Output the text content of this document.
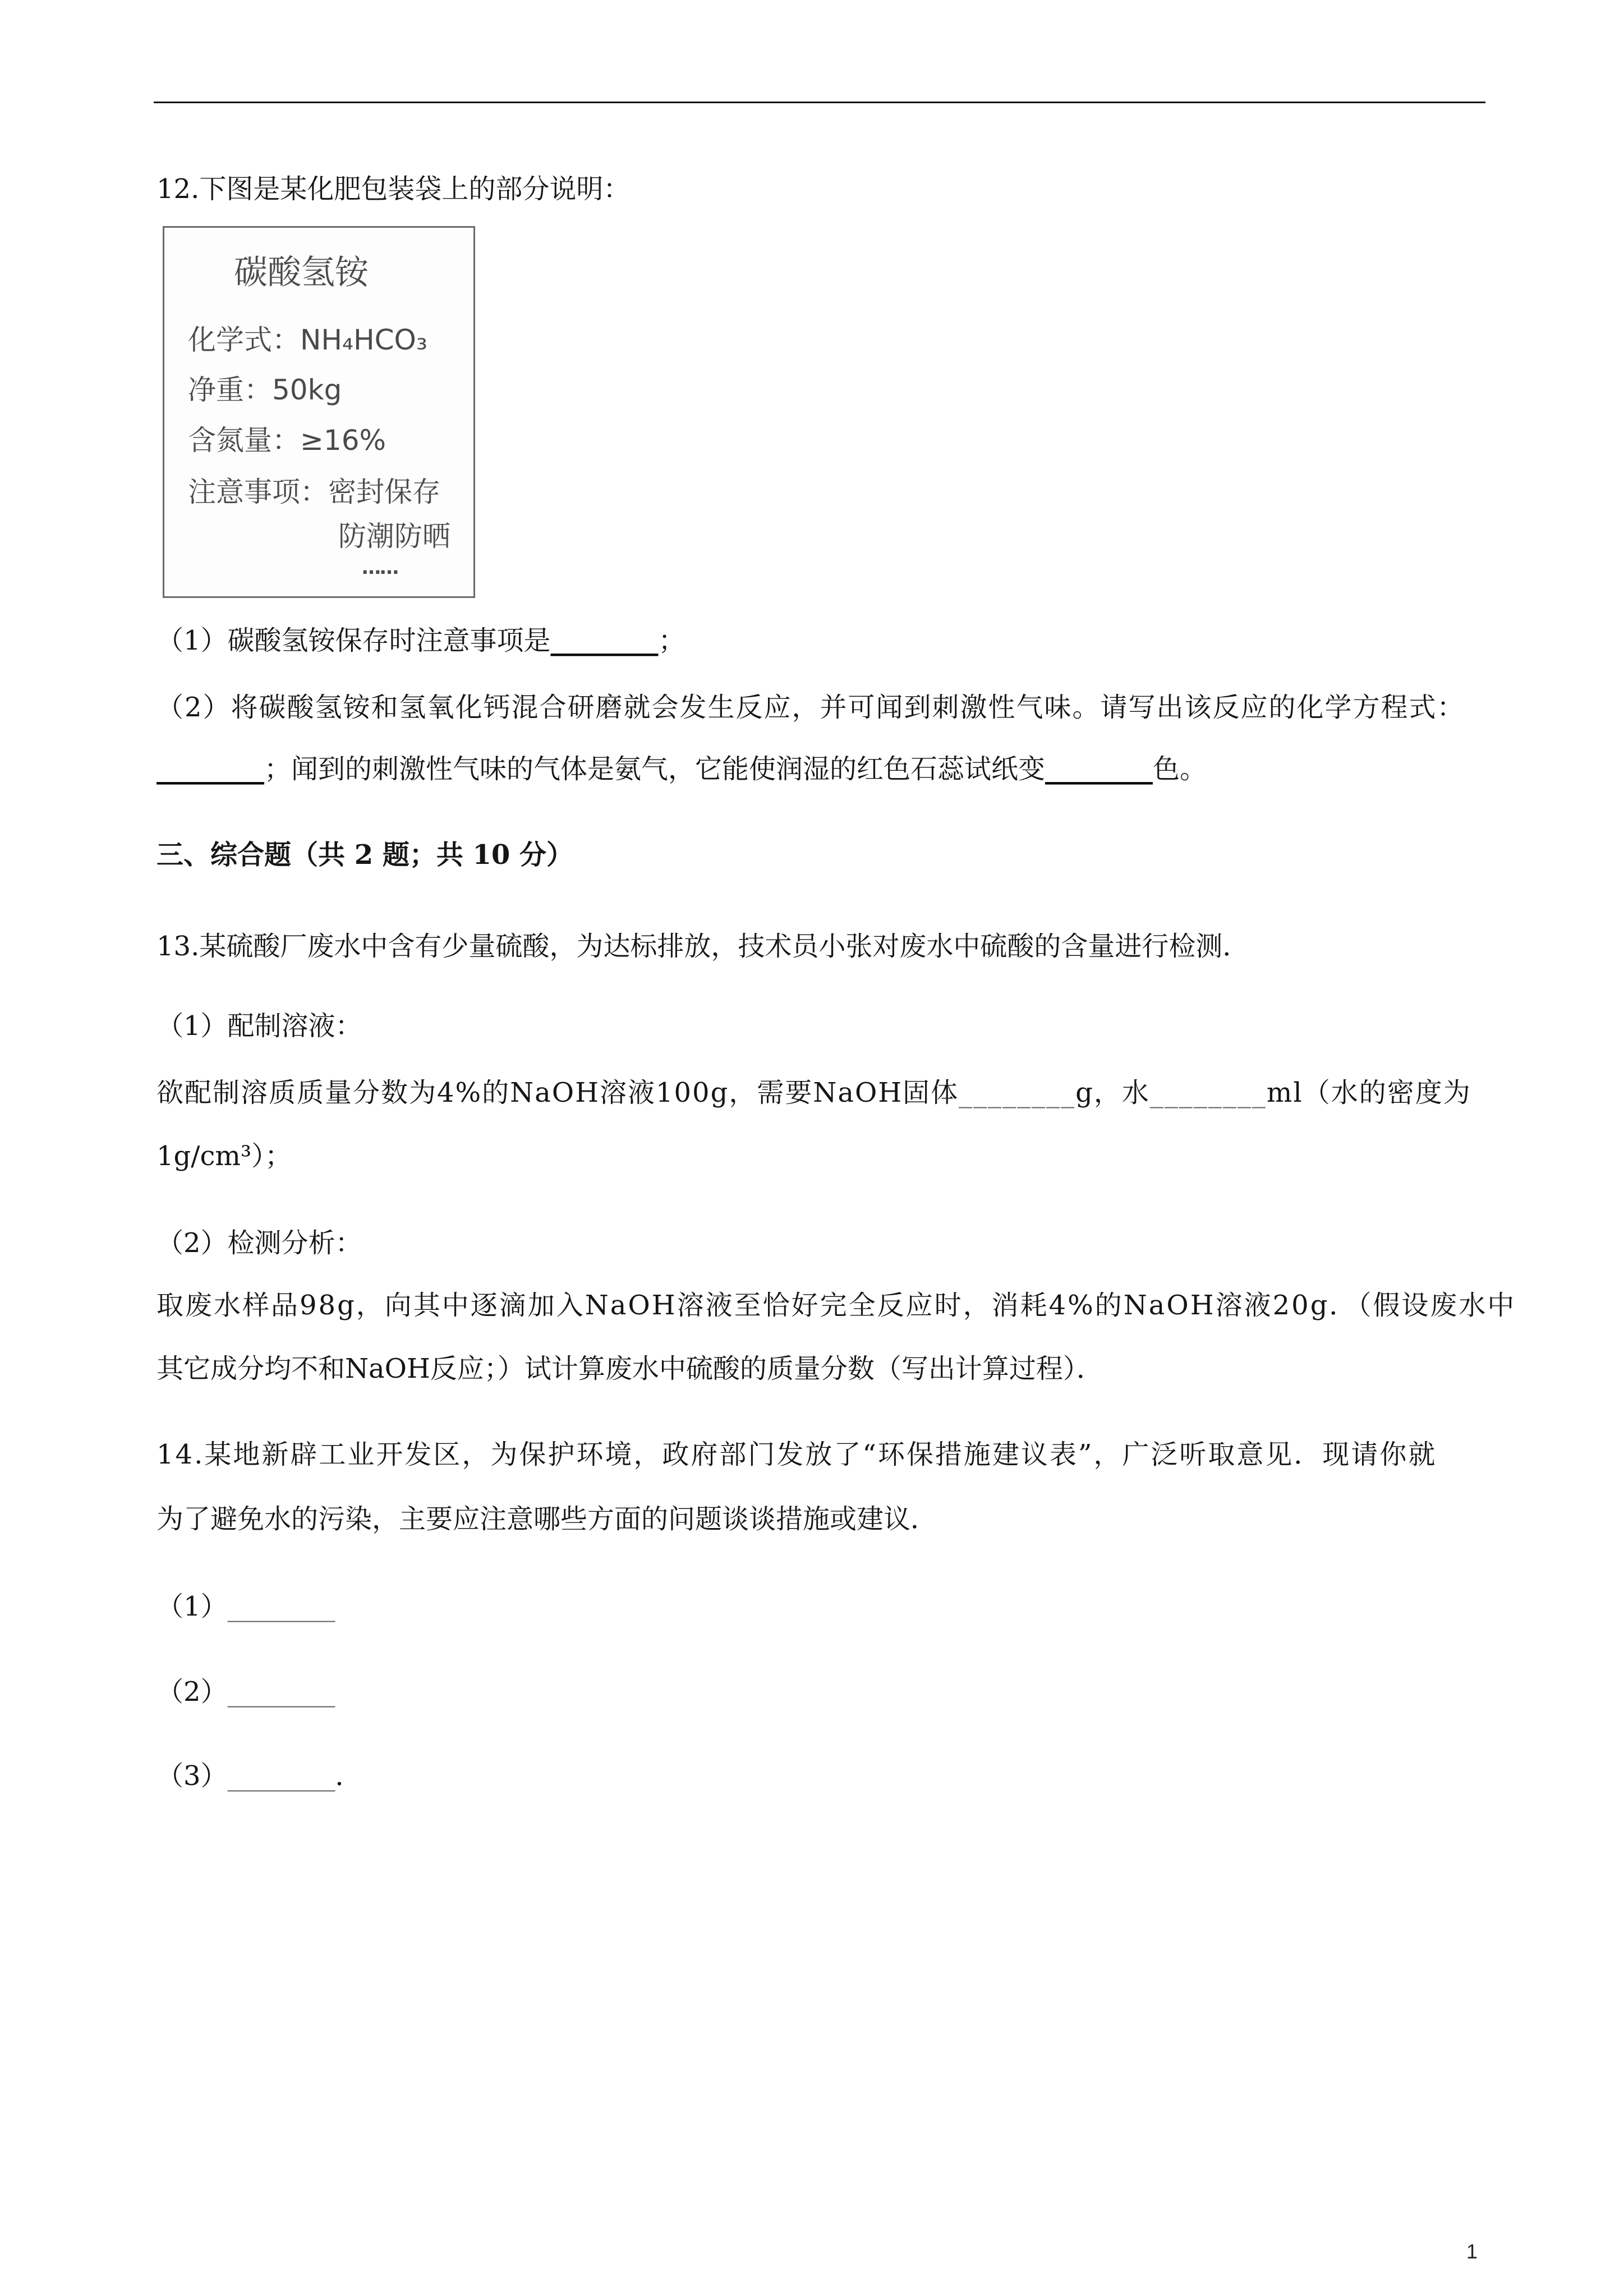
12.下图是某化肥包装袋上的部分说明：
碳酸氢铵
化学式：NH₄HCO₃
净重：50kg
含氮量：≥16%
注意事项：密封保存
防潮防晒
……
（1）碳酸氢铵保存时注意事项是________；
（2）将碳酸氢铵和氢氧化钙混合研磨就会发生反应，并可闻到刺激性气味。请写出该反应的化学方程式：
________；闻到的刺激性气味的气体是氨气，它能使润湿的红色石蕊试纸变________色。
三、综合题（共 2 题；共 10 分）
13.某硫酸厂废水中含有少量硫酸，为达标排放，技术员小张对废水中硫酸的含量进行检测．
（1）配制溶液：
欲配制溶质质量分数为4%的NaOH溶液100g，需要NaOH固体________g，水________ml（水的密度为
1g/cm³）；
（2）检测分析：
取废水样品98g，向其中逐滴加入NaOH溶液至恰好完全反应时，消耗4%的NaOH溶液20g．（假设废水中
其它成分均不和NaOH反应；）试计算废水中硫酸的质量分数（写出计算过程）．
14.某地新辟工业开发区，为保护环境，政府部门发放了“环保措施建议表”，广泛听取意见．现请你就
为了避免水的污染，主要应注意哪些方面的问题谈谈措施或建议．
（1）________
（2）________
（3）________．
1
